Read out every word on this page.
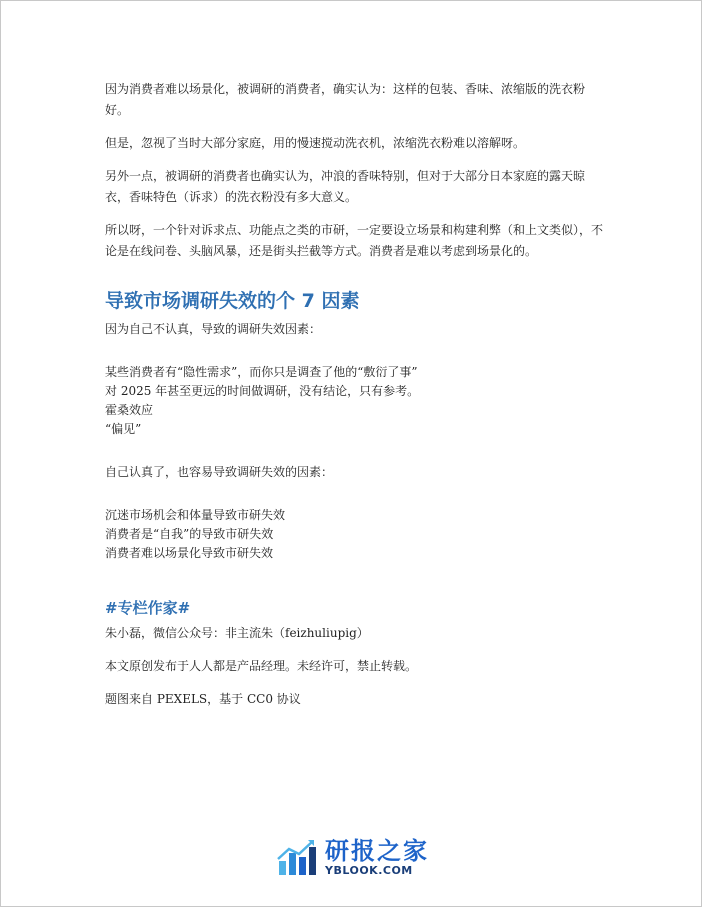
因为消费者难以场景化，被调研的消费者，确实认为：这样的包装、香味、浓缩版的洗衣粉好。

但是，忽视了当时大部分家庭，用的慢速搅动洗衣机，浓缩洗衣粉难以溶解呀。

另外一点，被调研的消费者也确实认为，冲浪的香味特别，但对于大部分日本家庭的露天晾衣，香味特色（诉求）的洗衣粉没有多大意义。

所以呀，一个针对诉求点、功能点之类的市研，一定要设立场景和构建利弊（和上文类似），不论是在线问卷、头脑风暴，还是街头拦截等方式。消费者是难以考虑到场景化的。

导致市场调研失效的个 7 因素

因为自己不认真，导致的调研失效因素：

某些消费者有“隐性需求”，而你只是调查了他的“敷衍了事”

对 2025 年甚至更远的时间做调研，没有结论，只有参考。

霍桑效应

“偏见”

自己认真了，也容易导致调研失效的因素：

沉迷市场机会和体量导致市研失效

消费者是“自我”的导致市研失效

消费者难以场景化导致市研失效

#专栏作家#

朱小磊，微信公众号：非主流朱（feizhuliupig）

本文原创发布于人人都是产品经理。未经许可，禁止转载。

题图来自 PEXELS，基于 CC0 协议

研报之家
YBLOOK.COM
